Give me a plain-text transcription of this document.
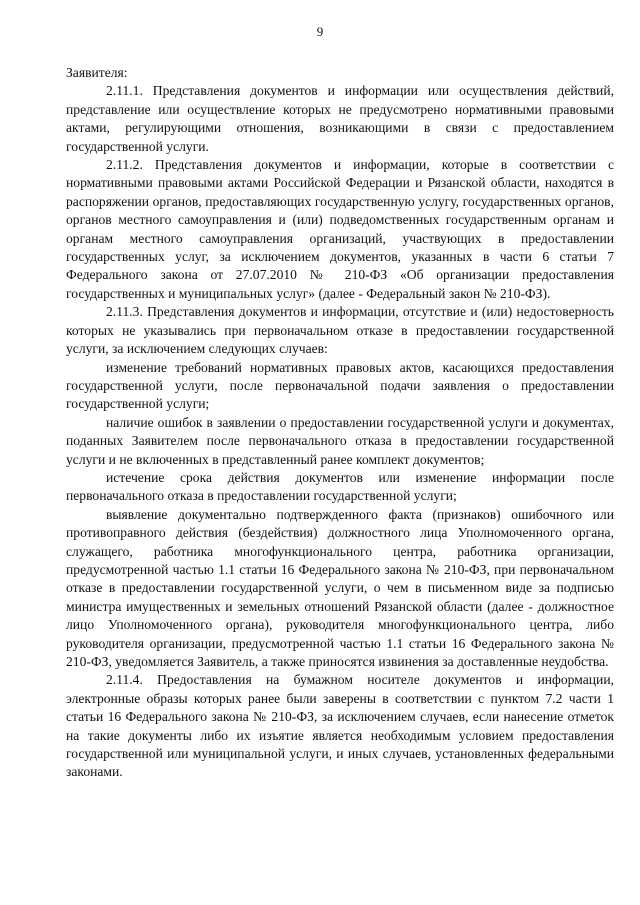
9

Заявителя:

2.11.1. Представления документов и информации или осуществления действий, представление или осуществление которых не предусмотрено нормативными правовыми актами, регулирующими отношения, возникающими в связи с предоставлением государственной услуги.

2.11.2. Представления документов и информации, которые в соответствии с нормативными правовыми актами Российской Федерации и Рязанской области, находятся в распоряжении органов, предоставляющих государственную услугу, государственных органов, органов местного самоуправления и (или) подведомственных государственным органам и органам местного самоуправления организаций, участвующих в предоставлении государственных услуг, за исключением документов, указанных в части 6 статьи 7 Федерального закона от 27.07.2010 № 210-ФЗ «Об организации предоставления государственных и муниципальных услуг» (далее - Федеральный закон № 210-ФЗ).

2.11.3. Представления документов и информации, отсутствие и (или) недостоверность которых не указывались при первоначальном отказе в предоставлении государственной услуги, за исключением следующих случаев:

изменение требований нормативных правовых актов, касающихся предоставления государственной услуги, после первоначальной подачи заявления о предоставлении государственной услуги;

наличие ошибок в заявлении о предоставлении государственной услуги и документах, поданных Заявителем после первоначального отказа в предоставлении государственной услуги и не включенных в представленный ранее комплект документов;

истечение срока действия документов или изменение информации после первоначального отказа в предоставлении государственной услуги;

выявление документально подтвержденного факта (признаков) ошибочного или противоправного действия (бездействия) должностного лица Уполномоченного органа, служащего, работника многофункционального центра, работника организации, предусмотренной частью 1.1 статьи 16 Федерального закона № 210-ФЗ, при первоначальном отказе в предоставлении государственной услуги, о чем в письменном виде за подписью министра имущественных и земельных отношений Рязанской области (далее - должностное лицо Уполномоченного органа), руководителя многофункционального центра, либо руководителя организации, предусмотренной частью 1.1 статьи 16 Федерального закона № 210-ФЗ, уведомляется Заявитель, а также приносятся извинения за доставленные неудобства.

2.11.4. Предоставления на бумажном носителе документов и информации, электронные образы которых ранее были заверены в соответствии с пунктом 7.2 части 1 статьи 16 Федерального закона № 210-ФЗ, за исключением случаев, если нанесение отметок на такие документы либо их изъятие является необходимым условием предоставления государственной или муниципальной услуги, и иных случаев, установленных федеральными законами.
